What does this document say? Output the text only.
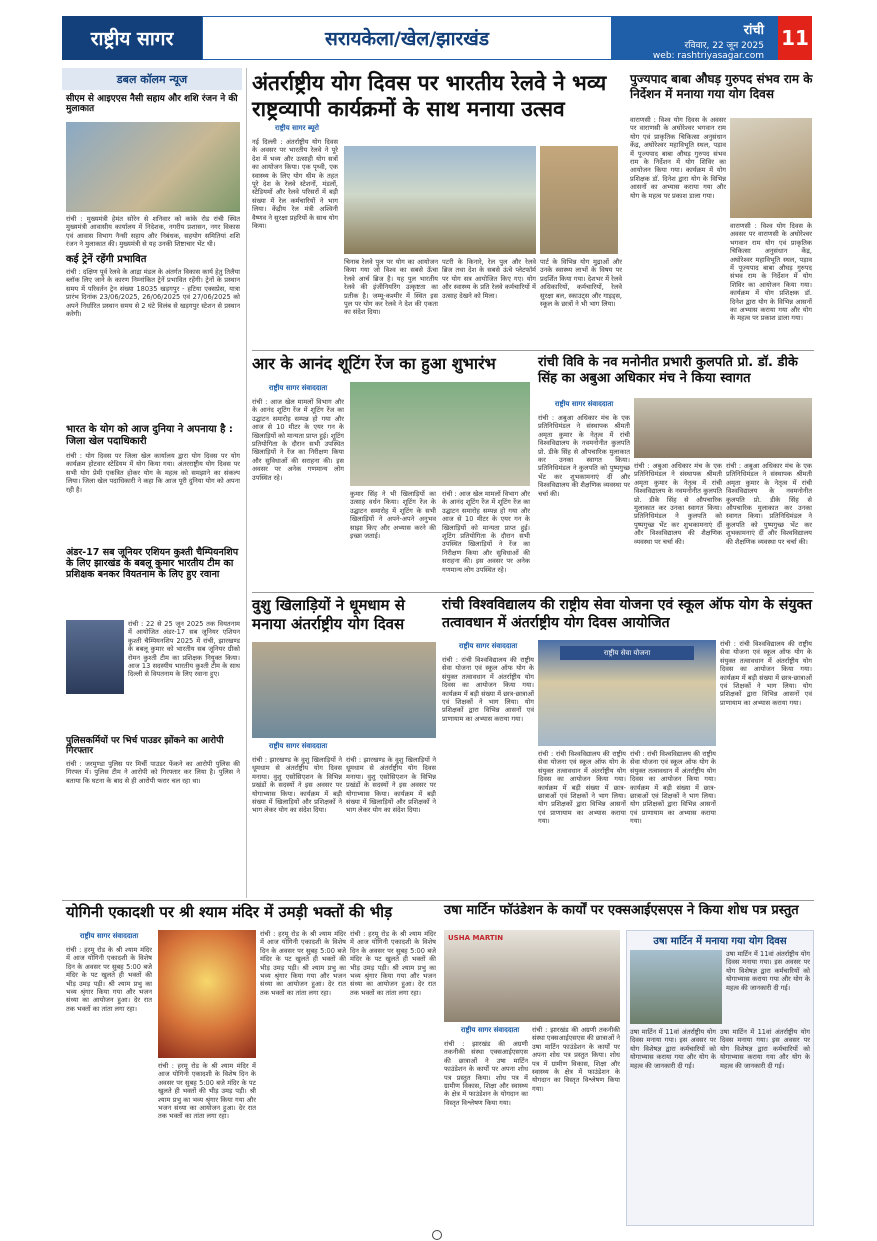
राष्ट्रीय सागर	सरायकेला/खेल/झारखंड	रांची
रविवार, 22 जून 2025
web: rashtriyasagar.com
11
डबल कॉलम न्यूज
सीएम से आइएएस नैसी सहाय और शशि रंजन ने की मुलाकात
रांची : मुख्यमंत्री हेमंत सोरेन से शनिवार को कांके रोड रांची स्थित मुख्यमंत्री आवासीय कार्यालय में निदेशक, नगरीय प्रशासन, नगर विकास एवं आवास विभाग नैन्सी सहाय और निबंधक, सहयोग समितियां शशि रंजन ने मुलाकात की। मुख्यमंत्री से यह उनकी शिष्टाचार भेंट थी।
कई ट्रेनें रहेंगी प्रभावित
रांची : दक्षिण पूर्व रेलवे के आद्रा मंडल के अंतर्गत विकास कार्य हेतु तिलैया ब्लॉक लिए जाने के कारण निम्नांकित ट्रेनें प्रभावित रहेंगी। ट्रेनों के प्रस्थान समय में परिवर्तन ट्रेन संख्या 18035 खड़गपुर - हटिया एक्सप्रेस, यात्रा प्रारंभ दिनांक 23/06/2025, 26/06/2025 एवं 27/06/2025 को अपने निर्धारित प्रस्थान समय से 2 घंटे विलंब से खड़गपुर स्टेशन से प्रस्थान करेगी।
भारत के योग को आज दुनिया ने अपनाया है : जिला खेल पदाधिकारी
रांची : योग दिवस पर जिला खेल कार्यालय द्वारा योग दिवस पर योग कार्यक्रम होटवार स्टेडियम में योग किया गया। अंतरराष्ट्रीय योग दिवस पर सभी योग प्रेमी एकत्रित होकर योग के महत्व को समझाने का संकल्प लिया। जिला खेल पदाधिकारी ने कहा कि आज पूरी दुनिया योग को अपना रही है।
अंडर-17 सब जूनियर एशियन कुश्ती चैम्पियनशिप के लिए झारखंड के बबलू कुमार भारतीय टीम का प्रशिक्षक बनकर वियतनाम के लिए हुए रवाना
रांची : 22 से 25 जून 2025 तक वियतनाम में आयोजित अंडर-17 सब जूनियर एशियन कुश्ती चैम्पियनशिप 2025 में रांची, झारखण्ड के बबलू कुमार को भारतीय सब जूनियर ग्रीको रोमन कुश्ती टीम का प्रशिक्षक नियुक्त किया। आज 13 सदस्यीय भारतीय कुश्ती टीम के साथ दिल्ली से वियतनाम के लिए रवाना हुए।
पुलिसकर्मियों पर भिर्च पाउडर झोंकने का आरोपी गिरफ्तार
रांची : जरमुण्डा पुलिस पर मिर्ची पाउडर फेंकने का आरोपी पुलिस की गिरफ्त में। पुलिस टीम ने आरोपी को गिरफ्तार कर लिया है। पुलिस ने बताया कि घटना के बाद से ही आरोपी फरार चल रहा था।
अंतर्राष्ट्रीय योग दिवस पर भारतीय रेलवे ने भव्य राष्ट्रव्यापी कार्यक्रमों के साथ मनाया उत्सव
राष्ट्रीय सागर ब्यूरो
नई दिल्ली : अंतर्राष्ट्रीय योग दिवस के अवसर पर भारतीय रेलवे ने पूरे देश में भव्य और उत्साही योग सत्रों का आयोजन किया। एक पृथ्वी, एक स्वास्थ्य के लिए योग थीम के तहत पूरे देश के रेलवे स्टेशनों, मंडलों, स्टेडियमों और रेलवे परिसरों में बड़ी संख्या में रेल कर्मचारियों ने भाग लिया। केंद्रीय रेल मंत्री अश्विनी वैष्णव ने सुरक्षा प्रहरियों के साथ योग किया।
चिनाब रेलवे पुल पर योग का आयोजन किया गया जो विश्व का सबसे ऊँचा रेलवे आर्च ब्रिज है। यह पुल भारतीय रेलवे की इंजीनियरिंग उत्कृष्टता का प्रतीक है। जम्मू-कश्मीर में स्थित इस पुल पर योग कर रेलवे ने देश की एकता का संदेश दिया।
पटरी के किनारे, रेल पुल और रेलवे ब्रिज तथा देश के सबसे ऊंचे प्लेटफॉर्म पर योग सत्र आयोजित किए गए। योग और स्वास्थ्य के प्रति रेलवे कर्मचारियों में उत्साह देखने को मिला।
पार्ट के विभिन्न योग मुद्राओं और उनके स्वास्थ्य लाभों के विषय पर प्रदर्शित किया गया। देशभर में रेलवे अधिकारियों, कर्मचारियों, रेलवे सुरक्षा बल, स्काउट्स और गाइड्स, स्कूल के छात्रों ने भी भाग लिया।
पुज्यपाद बाबा औघड़ गुरुपद संभव राम के निर्देशन में मनाया गया योग दिवस
वाराणसी : विश्व योग दिवस के अवसर पर वाराणसी के अघोरेश्वर भगवान राम योग एवं प्राकृतिक चिकित्सा अनुसंधान केंद्र, अघोरेश्वर महाविभूति स्थल, पड़ाव में पूज्यपाद बाबा औघड़ गुरुपद संभव राम के निर्देशन में योग शिविर का आयोजन किया गया। कार्यक्रम में योग प्रशिक्षक डॉ. दिनेश द्वारा योग के विभिन्न आसनों का अभ्यास कराया गया और योग के महत्व पर प्रकाश डाला गया।
वाराणसी : विश्व योग दिवस के अवसर पर वाराणसी के अघोरेश्वर भगवान राम योग एवं प्राकृतिक चिकित्सा अनुसंधान केंद्र, अघोरेश्वर महाविभूति स्थल, पड़ाव में पूज्यपाद बाबा औघड़ गुरुपद संभव राम के निर्देशन में योग शिविर का आयोजन किया गया। कार्यक्रम में योग प्रशिक्षक डॉ. दिनेश द्वारा योग के विभिन्न आसनों का अभ्यास कराया गया और योग के महत्व पर प्रकाश डाला गया।
आर के आनंद शूटिंग रेंज का हुआ शुभारंभ
राष्ट्रीय सागर संवाददाता
रांची : आज खेल मामलों विभाग और के आनंद शूटिंग रेंज में शूटिंग रेंज का उद्घाटन समारोह सम्पन्न हो गया और आज से 10 मीटर के एयर गन के खिलाड़ियों को मान्यता प्राप्त हुई। शूटिंग प्रतियोगिता के दौरान सभी उपस्थित खिलाड़ियों ने रेंज का निरीक्षण किया और सुविधाओं की सराहना की। इस अवसर पर अनेक गणमान्य लोग उपस्थित रहे।
कुमार सिंह ने भी खिलाड़ियों का उत्साह वर्धन किया। शूटिंग रेंज के उद्घाटन समारोह में शूटिंग के सभी खिलाड़ियों ने अपने-अपने अनुभव साझा किए और अभ्यास करने की इच्छा जताई।
रांची : आज खेल मामलों विभाग और के आनंद शूटिंग रेंज में शूटिंग रेंज का उद्घाटन समारोह सम्पन्न हो गया और आज से 10 मीटर के एयर गन के खिलाड़ियों को मान्यता प्राप्त हुई। शूटिंग प्रतियोगिता के दौरान सभी उपस्थित खिलाड़ियों ने रेंज का निरीक्षण किया और सुविधाओं की सराहना की। इस अवसर पर अनेक गणमान्य लोग उपस्थित रहे।
रांची विवि के नव मनोनीत प्रभारी कुलपति प्रो. डॉ. डीके सिंह का अबुआ अधिकार मंच ने किया स्वागत
राष्ट्रीय सागर संवाददाता
रांची : अबुआ अधिकार मंच के एक प्रतिनिधिमंडल ने संस्थापक श्रीमती अमृता कुमार के नेतृत्व में रांची विश्वविद्यालय के नवमनोनीत कुलपति प्रो. डीके सिंह से औपचारिक मुलाकात कर उनका स्वागत किया। प्रतिनिधिमंडल ने कुलपति को पुष्पगुच्छ भेंट कर शुभकामनाएं दीं और विश्वविद्यालय की शैक्षणिक व्यवस्था पर चर्चा की।
रांची : अबुआ अधिकार मंच के एक प्रतिनिधिमंडल ने संस्थापक श्रीमती अमृता कुमार के नेतृत्व में रांची विश्वविद्यालय के नवमनोनीत कुलपति प्रो. डीके सिंह से औपचारिक मुलाकात कर उनका स्वागत किया। प्रतिनिधिमंडल ने कुलपति को पुष्पगुच्छ भेंट कर शुभकामनाएं दीं और विश्वविद्यालय की शैक्षणिक व्यवस्था पर चर्चा की।
रांची : अबुआ अधिकार मंच के एक प्रतिनिधिमंडल ने संस्थापक श्रीमती अमृता कुमार के नेतृत्व में रांची विश्वविद्यालय के नवमनोनीत कुलपति प्रो. डीके सिंह से औपचारिक मुलाकात कर उनका स्वागत किया। प्रतिनिधिमंडल ने कुलपति को पुष्पगुच्छ भेंट कर शुभकामनाएं दीं और विश्वविद्यालय की शैक्षणिक व्यवस्था पर चर्चा की।
वुशु खिलाड़ियों ने धूमधाम से मनाया अंतर्राष्ट्रीय योग दिवस
राष्ट्रीय सागर संवाददाता
रांची : झारखण्ड के वुशु खिलाड़ियों ने धूमधाम से अंतर्राष्ट्रीय योग दिवस मनाया। वुशु एसोसिएशन के विभिन्न प्रखंडों के सदस्यों ने इस अवसर पर योगाभ्यास किया। कार्यक्रम में बड़ी संख्या में खिलाड़ियों और प्रशिक्षकों ने भाग लेकर योग का संदेश दिया।
रांची : झारखण्ड के वुशु खिलाड़ियों ने धूमधाम से अंतर्राष्ट्रीय योग दिवस मनाया। वुशु एसोसिएशन के विभिन्न प्रखंडों के सदस्यों ने इस अवसर पर योगाभ्यास किया। कार्यक्रम में बड़ी संख्या में खिलाड़ियों और प्रशिक्षकों ने भाग लेकर योग का संदेश दिया।
रांची विश्वविद्यालय की राष्ट्रीय सेवा योजना एवं स्कूल ऑफ योग के संयुक्त तत्वावधान में अंतर्राष्ट्रीय योग दिवस आयोजित
राष्ट्रीय सागर संवाददाता
रांची : रांची विश्वविद्यालय की राष्ट्रीय सेवा योजना एवं स्कूल ऑफ योग के संयुक्त तत्वावधान में अंतर्राष्ट्रीय योग दिवस का आयोजन किया गया। कार्यक्रम में बड़ी संख्या में छात्र-छात्राओं एवं शिक्षकों ने भाग लिया। योग प्रशिक्षकों द्वारा विभिन्न आसनों एवं प्राणायाम का अभ्यास कराया गया।
राष्ट्रीय सेवा योजना
रांची : रांची विश्वविद्यालय की राष्ट्रीय सेवा योजना एवं स्कूल ऑफ योग के संयुक्त तत्वावधान में अंतर्राष्ट्रीय योग दिवस का आयोजन किया गया। कार्यक्रम में बड़ी संख्या में छात्र-छात्राओं एवं शिक्षकों ने भाग लिया। योग प्रशिक्षकों द्वारा विभिन्न आसनों एवं प्राणायाम का अभ्यास कराया गया।
रांची : रांची विश्वविद्यालय की राष्ट्रीय सेवा योजना एवं स्कूल ऑफ योग के संयुक्त तत्वावधान में अंतर्राष्ट्रीय योग दिवस का आयोजन किया गया। कार्यक्रम में बड़ी संख्या में छात्र-छात्राओं एवं शिक्षकों ने भाग लिया। योग प्रशिक्षकों द्वारा विभिन्न आसनों एवं प्राणायाम का अभ्यास कराया गया।
रांची : रांची विश्वविद्यालय की राष्ट्रीय सेवा योजना एवं स्कूल ऑफ योग के संयुक्त तत्वावधान में अंतर्राष्ट्रीय योग दिवस का आयोजन किया गया। कार्यक्रम में बड़ी संख्या में छात्र-छात्राओं एवं शिक्षकों ने भाग लिया। योग प्रशिक्षकों द्वारा विभिन्न आसनों एवं प्राणायाम का अभ्यास कराया गया।
योगिनी एकादशी पर श्री श्याम मंदिर में उमड़ी भक्तों की भीड़
राष्ट्रीय सागर संवाददाता
रांची : हरमू रोड के श्री श्याम मंदिर में आज योगिनी एकादशी के विशेष दिन के अवसर पर सुबह 5:00 बजे मंदिर के पट खुलते ही भक्तों की भीड़ उमड़ पड़ी। श्री श्याम प्रभु का भव्य श्रृंगार किया गया और भजन संध्या का आयोजन हुआ। देर रात तक भक्तों का तांता लगा रहा।
रांची : हरमू रोड के श्री श्याम मंदिर में आज योगिनी एकादशी के विशेष दिन के अवसर पर सुबह 5:00 बजे मंदिर के पट खुलते ही भक्तों की भीड़ उमड़ पड़ी। श्री श्याम प्रभु का भव्य श्रृंगार किया गया और भजन संध्या का आयोजन हुआ। देर रात तक भक्तों का तांता लगा रहा।
रांची : हरमू रोड के श्री श्याम मंदिर में आज योगिनी एकादशी के विशेष दिन के अवसर पर सुबह 5:00 बजे मंदिर के पट खुलते ही भक्तों की भीड़ उमड़ पड़ी। श्री श्याम प्रभु का भव्य श्रृंगार किया गया और भजन संध्या का आयोजन हुआ। देर रात तक भक्तों का तांता लगा रहा।
रांची : हरमू रोड के श्री श्याम मंदिर में आज योगिनी एकादशी के विशेष दिन के अवसर पर सुबह 5:00 बजे मंदिर के पट खुलते ही भक्तों की भीड़ उमड़ पड़ी। श्री श्याम प्रभु का भव्य श्रृंगार किया गया और भजन संध्या का आयोजन हुआ। देर रात तक भक्तों का तांता लगा रहा।
उषा मार्टिन फॉउंडेशन के कार्यों पर एक्सआईएसएस ने किया शोध पत्र प्रस्तुत
USHA MARTIN
राष्ट्रीय सागर संवाददाता
रांची : झारखंड की अग्रणी तकनीकी संस्था एक्सआईएसएस की छात्राओं ने उषा मार्टिन फाउंडेशन के कार्यों पर अपना शोध पत्र प्रस्तुत किया। शोध पत्र में ग्रामीण विकास, शिक्षा और स्वास्थ्य के क्षेत्र में फाउंडेशन के योगदान का विस्तृत विश्लेषण किया गया।
रांची : झारखंड की अग्रणी तकनीकी संस्था एक्सआईएसएस की छात्राओं ने उषा मार्टिन फाउंडेशन के कार्यों पर अपना शोध पत्र प्रस्तुत किया। शोध पत्र में ग्रामीण विकास, शिक्षा और स्वास्थ्य के क्षेत्र में फाउंडेशन के योगदान का विस्तृत विश्लेषण किया गया।
उषा मार्टिन में मनाया गया योग दिवस
उषा मार्टिन में 11वां अंतर्राष्ट्रीय योग दिवस मनाया गया। इस अवसर पर योग विशेषज्ञ द्वारा कर्मचारियों को योगाभ्यास कराया गया और योग के महत्व की जानकारी दी गई।
उषा मार्टिन में 11वां अंतर्राष्ट्रीय योग दिवस मनाया गया। इस अवसर पर योग विशेषज्ञ द्वारा कर्मचारियों को योगाभ्यास कराया गया और योग के महत्व की जानकारी दी गई।
उषा मार्टिन में 11वां अंतर्राष्ट्रीय योग दिवस मनाया गया। इस अवसर पर योग विशेषज्ञ द्वारा कर्मचारियों को योगाभ्यास कराया गया और योग के महत्व की जानकारी दी गई।
